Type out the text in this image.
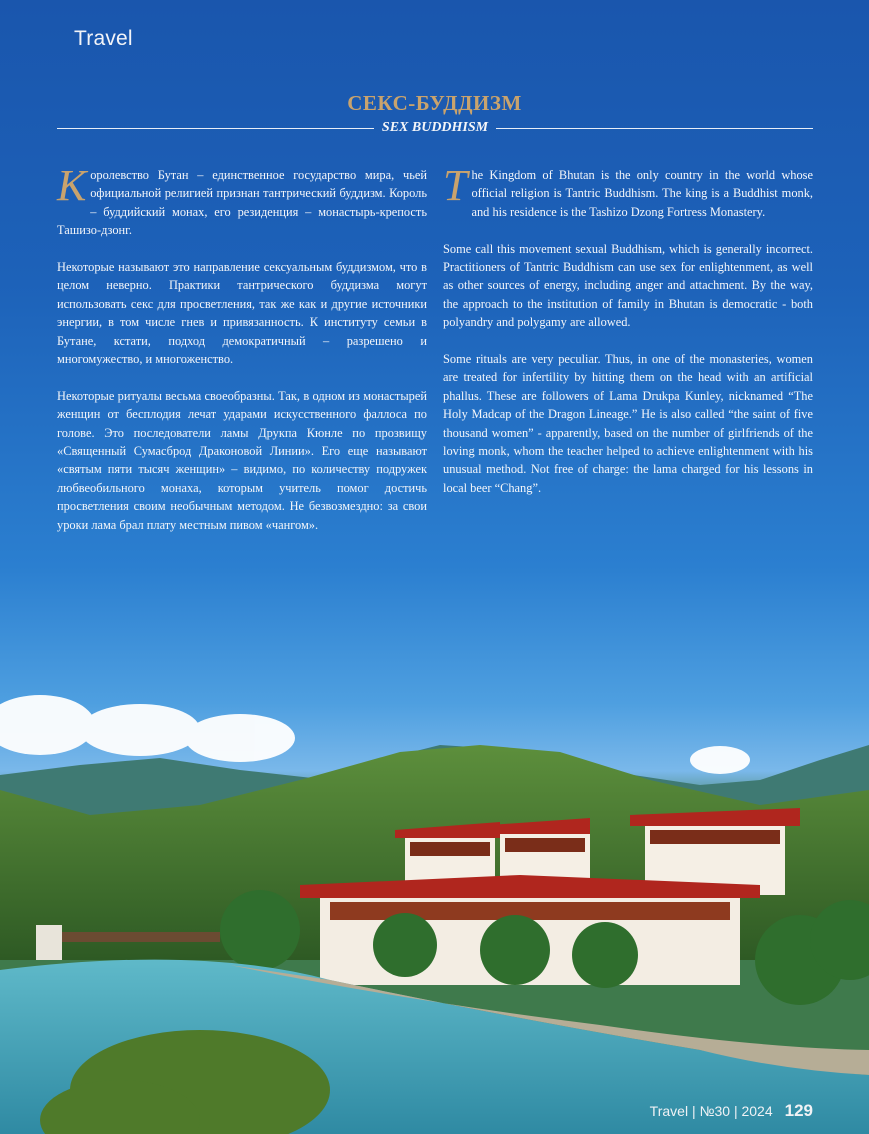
Travel
СЕКС-БУДДИЗМ
SEX BUDDHISM

К оролевство Бутан – единственное государство мира, чьей официальной религией признан тантрический буддизм. Король – буддийский монах, его резиденция – монастырь-крепость Ташизо-дзонг.

Некоторые называют это направление сексуальным буддизмом, что в целом неверно. Практики тантрического буддизма могут использовать секс для просветления, так же как и другие источники энергии, в том числе гнев и привязанность. К институту семьи в Бутане, кстати, подход демократичный – разрешено и многомужество, и многоженство.

Некоторые ритуалы весьма своеобразны. Так, в одном из монастырей женщин от бесплодия лечат ударами искусственного фаллоса по голове. Это последователи ламы Друкпа Кюнле по прозвищу «Священный Сумасброд Драконовой Линии». Его еще называют «святым пяти тысяч женщин» – видимо, по количеству подружек любвеобильного монаха, которым учитель помог достичь просветления своим необычным методом. Не безвозмездно: за свои уроки лама брал плату местным пивом «чангом».

T he Kingdom of Bhutan is the only country in the world whose official religion is Tantric Buddhism. The king is a Buddhist monk, and his residence is the Tashizo Dzong Fortress Monastery.

Some call this movement sexual Buddhism, which is generally incorrect. Practitioners of Tantric Buddhism can use sex for enlightenment, as well as other sources of energy, including anger and attachment. By the way, the approach to the institution of family in Bhutan is democratic - both polyandry and polygamy are allowed.

Some rituals are very peculiar. Thus, in one of the monasteries, women are treated for infertility by hitting them on the head with an artificial phallus. These are followers of Lama Drukpa Kunley, nicknamed “The Holy Madcap of the Dragon Lineage.” He is also called “the saint of five thousand women” - apparently, based on the number of girlfriends of the loving monk, whom the teacher helped to achieve enlightenment with his unusual method. Not free of charge: the lama charged for his lessons in local beer “Chang”.

Travel | №30 | 2024 129
